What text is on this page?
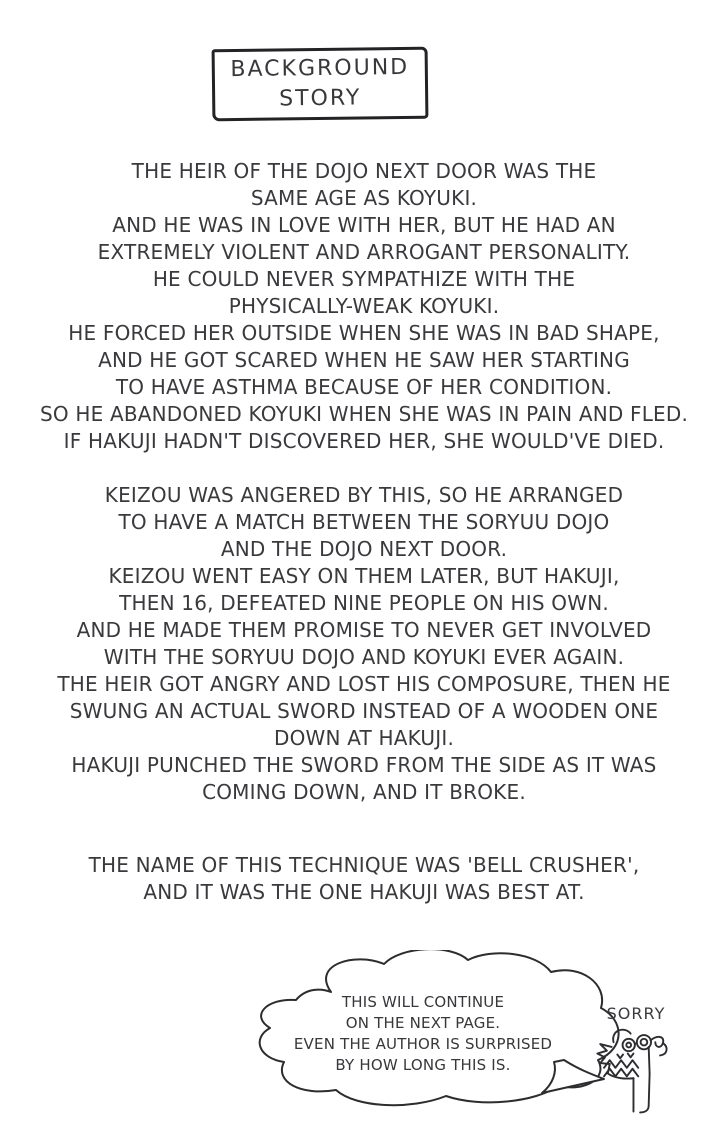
BACKGROUND
STORY
THE HEIR OF THE DOJO NEXT DOOR WAS THE
SAME AGE AS KOYUKI.
AND HE WAS IN LOVE WITH HER, BUT HE HAD AN
EXTREMELY VIOLENT AND ARROGANT PERSONALITY.
HE COULD NEVER SYMPATHIZE WITH THE
PHYSICALLY-WEAK KOYUKI.
HE FORCED HER OUTSIDE WHEN SHE WAS IN BAD SHAPE,
AND HE GOT SCARED WHEN HE SAW HER STARTING
TO HAVE ASTHMA BECAUSE OF HER CONDITION.
SO HE ABANDONED KOYUKI WHEN SHE WAS IN PAIN AND FLED.
IF HAKUJI HADN'T DISCOVERED HER, SHE WOULD'VE DIED.
KEIZOU WAS ANGERED BY THIS, SO HE ARRANGED
TO HAVE A MATCH BETWEEN THE SORYUU DOJO
AND THE DOJO NEXT DOOR.
KEIZOU WENT EASY ON THEM LATER, BUT HAKUJI,
THEN 16, DEFEATED NINE PEOPLE ON HIS OWN.
AND HE MADE THEM PROMISE TO NEVER GET INVOLVED
WITH THE SORYUU DOJO AND KOYUKI EVER AGAIN.
THE HEIR GOT ANGRY AND LOST HIS COMPOSURE, THEN HE
SWUNG AN ACTUAL SWORD INSTEAD OF A WOODEN ONE
DOWN AT HAKUJI.
HAKUJI PUNCHED THE SWORD FROM THE SIDE AS IT WAS
COMING DOWN, AND IT BROKE.
THE NAME OF THIS TECHNIQUE WAS 'BELL CRUSHER',
AND IT WAS THE ONE HAKUJI WAS BEST AT.
THIS WILL CONTINUE
ON THE NEXT PAGE.
EVEN THE AUTHOR IS SURPRISED
BY HOW LONG THIS IS.
SORRY
